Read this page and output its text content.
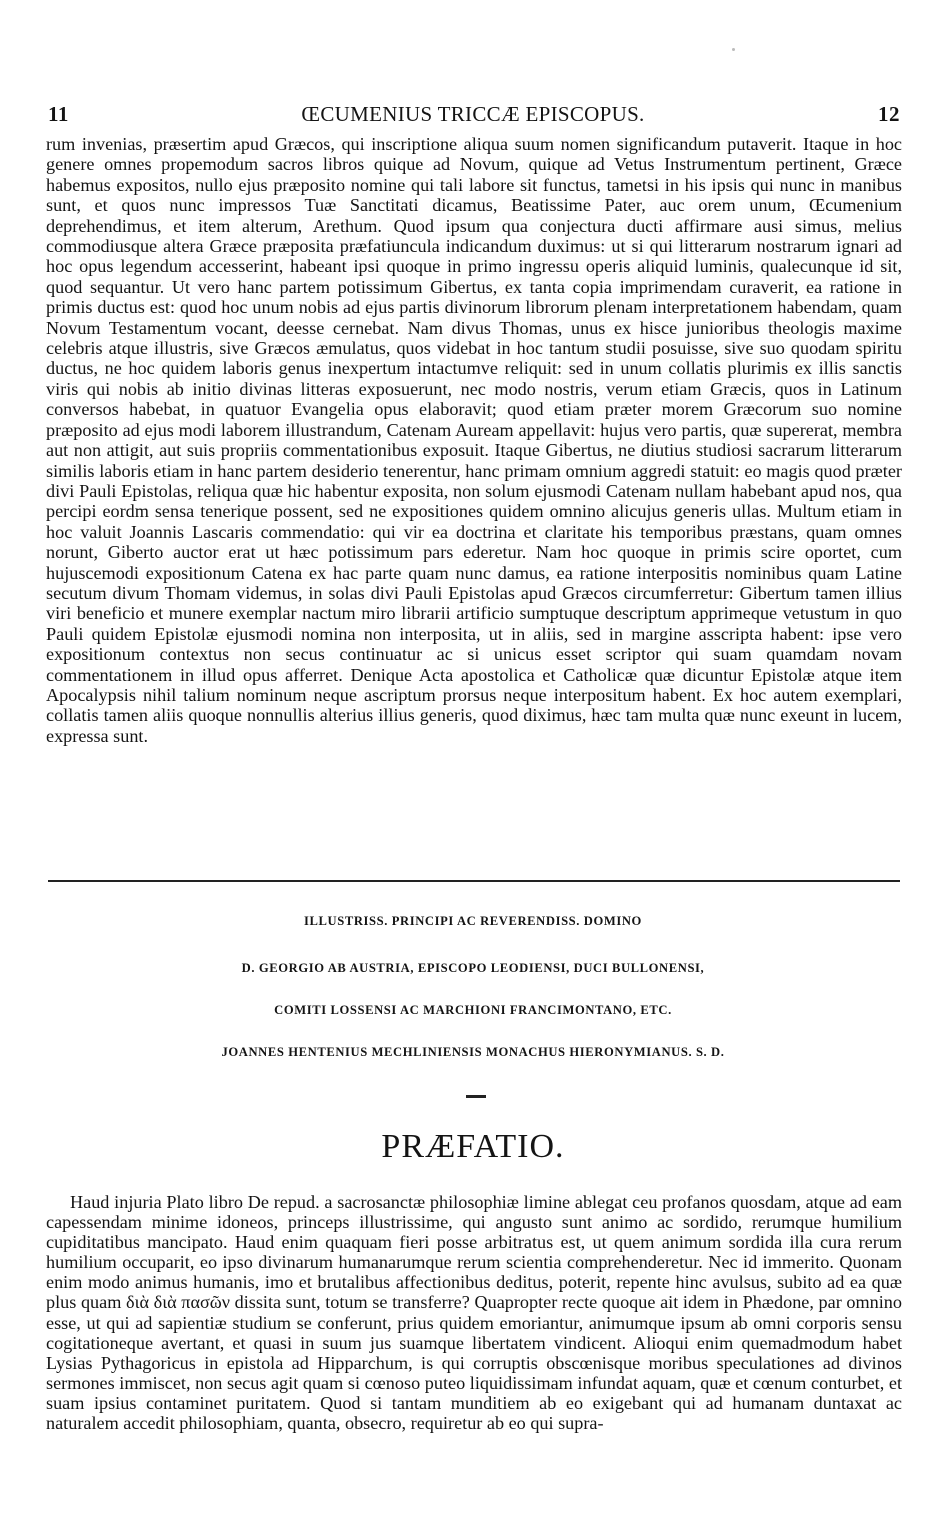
11	ŒCUMENIUS TRICCÆ EPISCOPUS.	12

rum invenias, præsertim apud Græcos, qui inscriptione aliqua suum nomen significandum putaverit. Itaque in hoc genere omnes propemodum sacros libros quique ad Novum, quique ad Vetus Instrumentum pertinent, Græce habemus expositos, nullo ejus præposito nomine qui tali labore sit functus, tametsi in his ipsis qui nunc in manibus sunt, et quos nunc impressos Tuæ Sanctitati dicamus, Beatissime Pater, auc orem unum, Œcumenium deprehendimus, et item alterum, Arethum. Quod ipsum qua conjectura ducti affirmare ausi simus, melius commodiusque altera Græce præposita præfatiuncula indicandum duximus: ut si qui litterarum nostrarum ignari ad hoc opus legendum accesserint, habeant ipsi quoque in primo ingressu operis aliquid luminis, qualecunque id sit, quod sequantur. Ut vero hanc partem potissimum Gibertus, ex tanta copia imprimendam curaverit, ea ratione in primis ductus est: quod hoc unum nobis ad ejus partis divinorum librorum plenam interpretationem habendam, quam Novum Testamentum vocant, deesse cernebat. Nam divus Thomas, unus ex hisce junioribus theologis maxime celebris atque illustris, sive Græcos æmulatus, quos videbat in hoc tantum studii posuisse, sive suo quodam spiritu ductus, ne hoc quidem laboris genus inexpertum intactumve reliquit: sed in unum collatis plurimis ex illis sanctis viris qui nobis ab initio divinas litteras exposuerunt, nec modo nostris, verum etiam Græcis, quos in Latinum conversos habebat, in quatuor Evangelia opus elaboravit; quod etiam præter morem Græcorum suo nomine præposito ad ejus modi laborem illustrandum, Catenam Auream appellavit: hujus vero partis, quæ supererat, membra aut non attigit, aut suis propriis commentationibus exposuit. Itaque Gibertus, ne diutius studiosi sacrarum litterarum similis laboris etiam in hanc partem desiderio tenerentur, hanc primam omnium aggredi statuit: eo magis quod præter divi Pauli Epistolas, reliqua quæ hic habentur exposita, non solum ejusmodi Catenam nullam habebant apud nos, qua percipi eordm sensa tenerique possent, sed ne expositiones quidem omnino alicujus generis ullas. Multum etiam in hoc valuit Joannis Lascaris commendatio: qui vir ea doctrina et claritate his temporibus præstans, quam omnes norunt, Giberto auctor erat ut hæc potissimum pars ederetur. Nam hoc quoque in primis scire oportet, cum hujuscemodi expositionum Catena ex hac parte quam nunc damus, ea ratione interpositis nominibus quam Latine secutum divum Thomam videmus, in solas divi Pauli Epistolas apud Græcos circumferretur: Gibertum tamen illius viri beneficio et munere exemplar nactum miro librarii artificio sumptuque descriptum apprimeque vetustum in quo Pauli quidem Epistolæ ejusmodi nomina non interposita, ut in aliis, sed in margine asscripta habent: ipse vero expositionum contextus non secus continuatur ac si unicus esset scriptor qui suam quamdam novam commentationem in illud opus afferret. Denique Acta apostolica et Catholicæ quæ dicuntur Epistolæ atque item Apocalypsis nihil talium nominum neque ascriptum prorsus neque interpositum habent. Ex hoc autem exemplari, collatis tamen aliis quoque nonnullis alterius illius generis, quod diximus, hæc tam multa quæ nunc exeunt in lucem, expressa sunt.

ILLUSTRISS. PRINCIPI AC REVERENDISS. DOMINO
D. GEORGIO AB AUSTRIA, EPISCOPO LEODIENSI, DUCI BULLONENSI,
COMITI LOSSENSI AC MARCHIONI FRANCIMONTANO, ETC.
JOANNES HENTENIUS MECHLINIENSIS MONACHUS HIERONYMIANUS. S. D.
PRÆFATIO.

Haud injuria Plato libro De repud. a sacrosanctæ philosophiæ limine ablegat ceu profanos quosdam, atque ad eam capessendam minime idoneos, princeps illustrissime, qui angusto sunt animo ac sordido, rerumque humilium cupiditatibus mancipato. Haud enim quaquam fieri posse arbitratus est, ut quem animum sordida illa cura rerum humilium occuparit, eo ipso divinarum humanarumque rerum scientia comprehenderetur. Nec id immerito. Quonam enim modo animus humanis, imo et brutalibus affectionibus deditus, poterit, repente hinc avulsus, subito ad ea quæ plus quam διὰ διὰ πασῶν dissita sunt, totum se transferre? Quapropter recte quoque ait idem in Phædone, par omnino esse, ut qui ad sapientiæ studium se conferunt, prius quidem emoriantur, animumque ipsum ab omni corporis sensu cogitationeque avertant, et quasi in suum jus suamque libertatem vindicent. Alioqui enim quemadmodum habet Lysias Pythagoricus in epistola ad Hipparchum, is qui corruptis obscœnisque moribus speculationes ad divinos sermones immiscet, non secus agit quam si cœnoso puteo liquidissimam infundat aquam, quæ et cœnum conturbet, et suam ipsius contaminet puritatem. Quod si tantam munditiem ab eo exigebant qui ad humanam duntaxat ac naturalem accedit philosophiam, quanta, obsecro, requiretur ab eo qui supra-
